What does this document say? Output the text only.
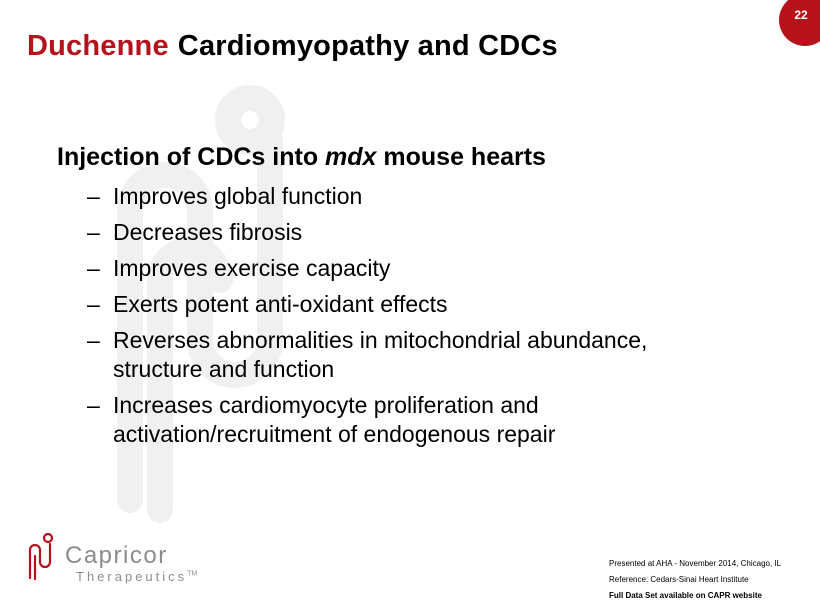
22
Duchenne Cardiomyopathy and CDCs
Injection of CDCs into mdx mouse hearts
– Improves global function
– Decreases fibrosis
– Improves exercise capacity
– Exerts potent anti-oxidant effects
– Reverses abnormalities in mitochondrial abundance, structure and function
– Increases cardiomyocyte proliferation and activation/recruitment of endogenous repair
Capricor
Therapeutics™
Presented at AHA - November 2014, Chicago, IL
Reference: Cedars-Sinai Heart Institute
Full Data Set available on CAPR website
